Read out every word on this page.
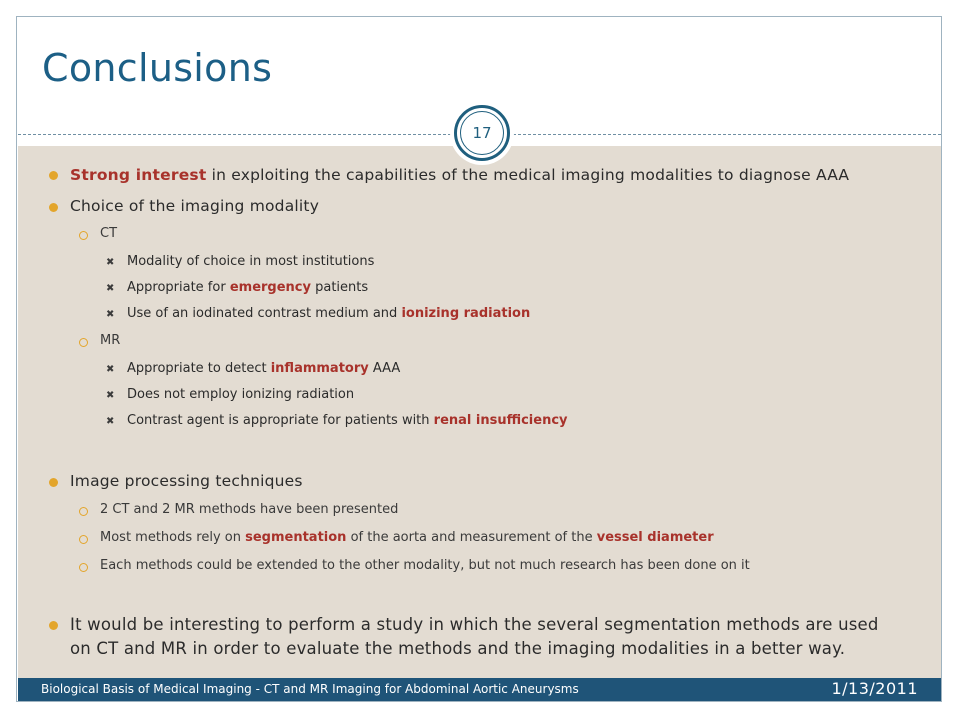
Conclusions
17
Strong interest in exploiting the capabilities of the medical imaging modalities to diagnose AAA
Choice of the imaging modality
CT
✖ Modality of choice in most institutions
✖ Appropriate for emergency patients
✖ Use of an iodinated contrast medium and ionizing radiation
MR
✖ Appropriate to detect inflammatory AAA
✖ Does not employ ionizing radiation
✖ Contrast agent is appropriate for patients with renal insufficiency
Image processing techniques
2 CT and 2 MR methods have been presented
Most methods rely on segmentation of the aorta and measurement of the vessel diameter
Each methods could be extended to the other modality, but not much research has been done on it
It would be interesting to perform a study in which the several segmentation methods are used on CT and MR in order to evaluate the methods and the imaging modalities in a better way.
Biological Basis of Medical Imaging - CT and MR Imaging for Abdominal Aortic Aneurysms	1/13/2011
